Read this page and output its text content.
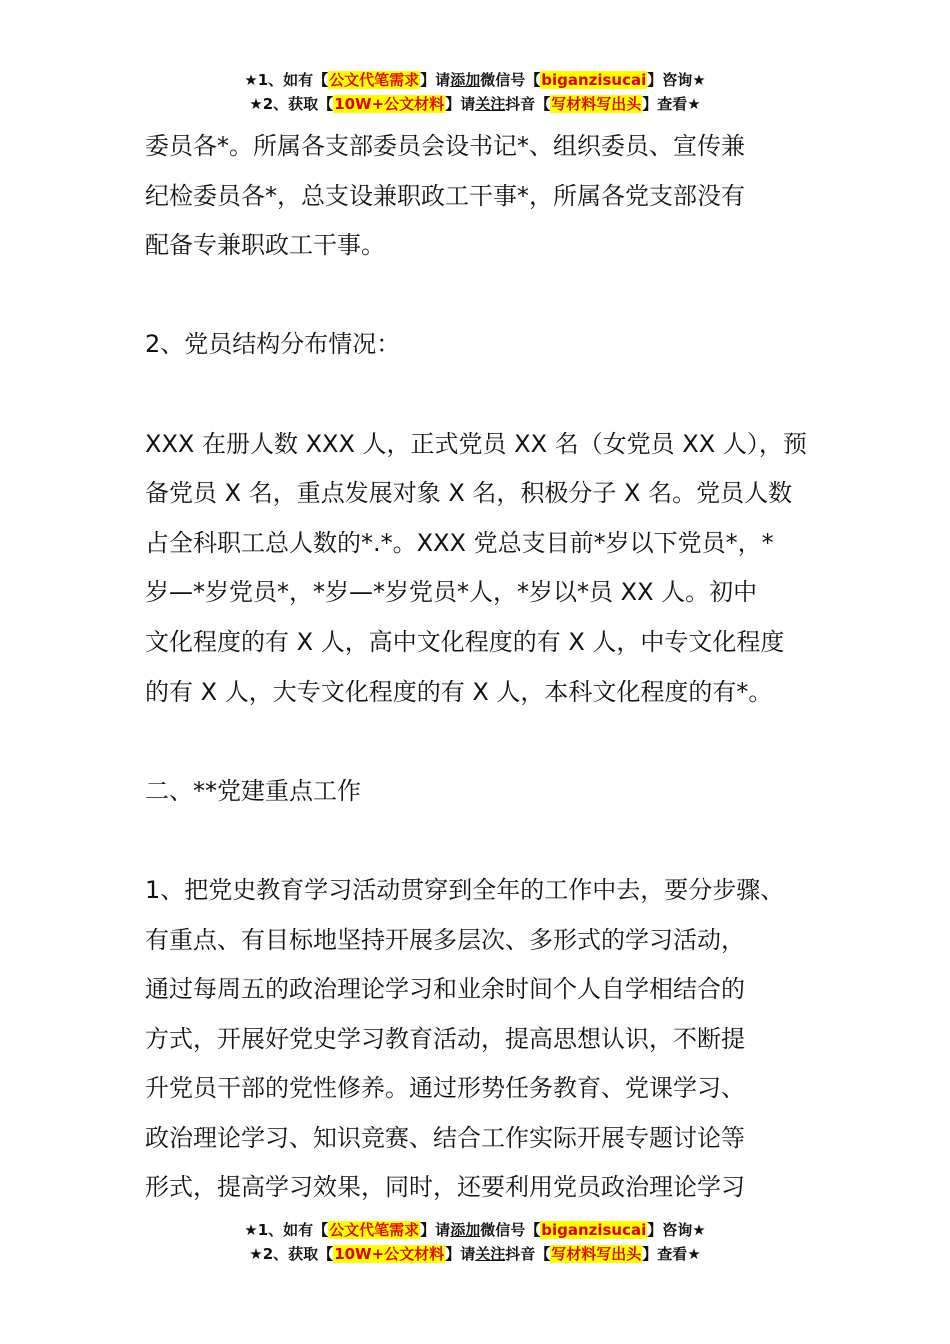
★1、如有【公文代笔需求】请添加微信号【biganzisucai】咨询★
★2、获取【10W+公文材料】请关注抖音【写材料写出头】查看★

委员各*。所属各支部委员会设书记*、组织委员、宣传兼
纪检委员各*，总支设兼职政工干事*，所属各党支部没有
配备专兼职政工干事。

2、党员结构分布情况：

XXX 在册人数 XXX 人，正式党员 XX 名（女党员 XX 人），预
备党员 X 名，重点发展对象 X 名，积极分子 X 名。党员人数
占全科职工总人数的*.*。XXX 党总支目前*岁以下党员*，*
岁—*岁党员*，*岁—*岁党员*人，*岁以*员 XX 人。初中
文化程度的有 X 人，高中文化程度的有 X 人，中专文化程度
的有 X 人，大专文化程度的有 X 人，本科文化程度的有*。

二、**党建重点工作

1、把党史教育学习活动贯穿到全年的工作中去，要分步骤、
有重点、有目标地坚持开展多层次、多形式的学习活动，
通过每周五的政治理论学习和业余时间个人自学相结合的
方式，开展好党史学习教育活动，提高思想认识，不断提
升党员干部的党性修养。通过形势任务教育、党课学习、
政治理论学习、知识竞赛、结合工作实际开展专题讨论等
形式，提高学习效果，同时，还要利用党员政治理论学习

★1、如有【公文代笔需求】请添加微信号【biganzisucai】咨询★
★2、获取【10W+公文材料】请关注抖音【写材料写出头】查看★
